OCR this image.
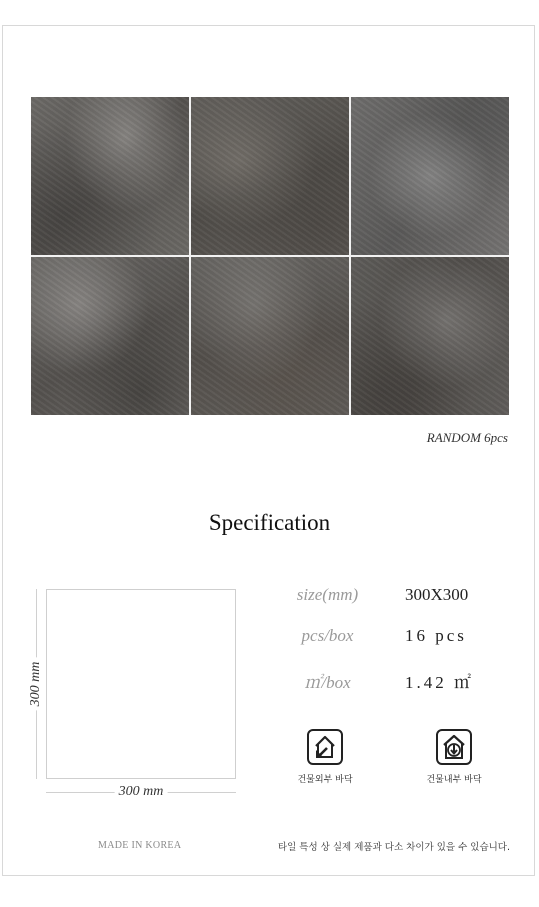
RANDOM 6pcs
Specification
300 mm
300 mm
size(mm)	300X300
pcs/box	16 pcs
㎡/box	1.42 ㎡
건물외부 바닥	건물내부 바닥
MADE IN KOREA	타일 특성 상 실제 제품과 다소 차이가 있을 수 있습니다.
